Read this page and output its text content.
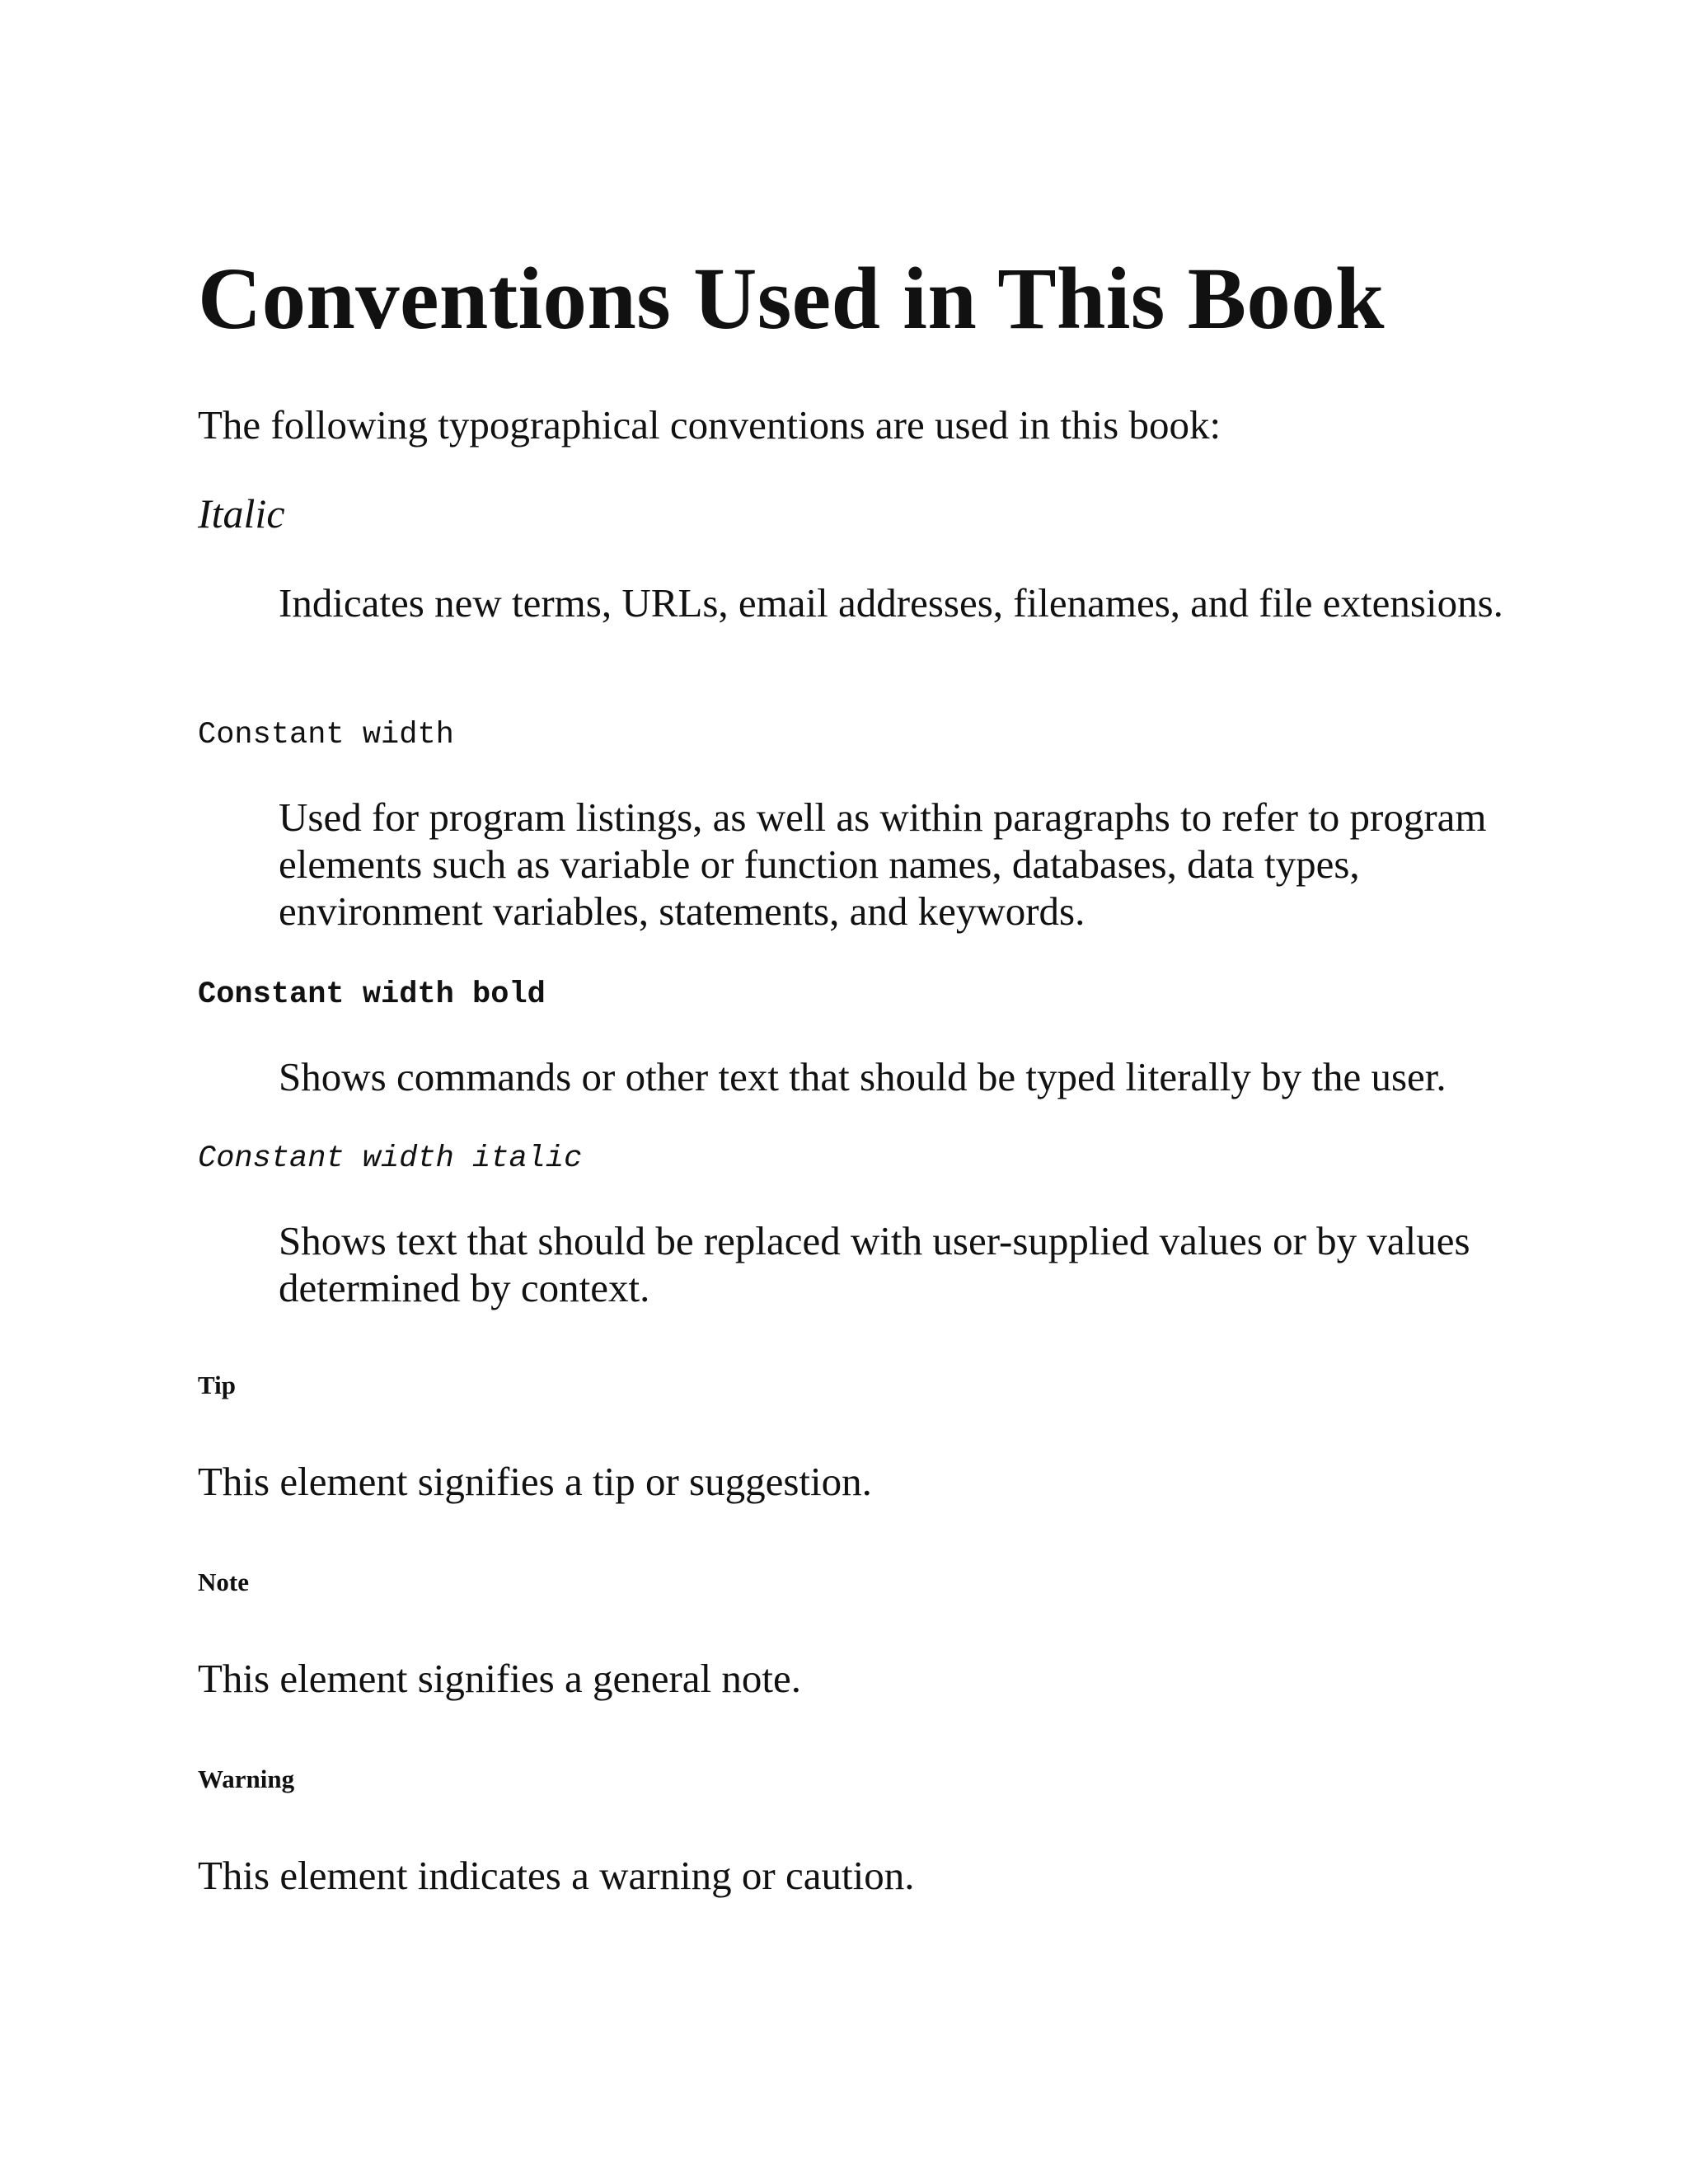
Conventions Used in This Book

The following typographical conventions are used in this book:

Italic

Indicates new terms, URLs, email addresses, filenames, and file extensions.

Constant width

Used for program listings, as well as within paragraphs to refer to program elements such as variable or function names, databases, data types, environment variables, statements, and keywords.

Constant width bold

Shows commands or other text that should be typed literally by the user.

Constant width italic

Shows text that should be replaced with user-supplied values or by values determined by context.

Tip

This element signifies a tip or suggestion.

Note

This element signifies a general note.

Warning

This element indicates a warning or caution.
